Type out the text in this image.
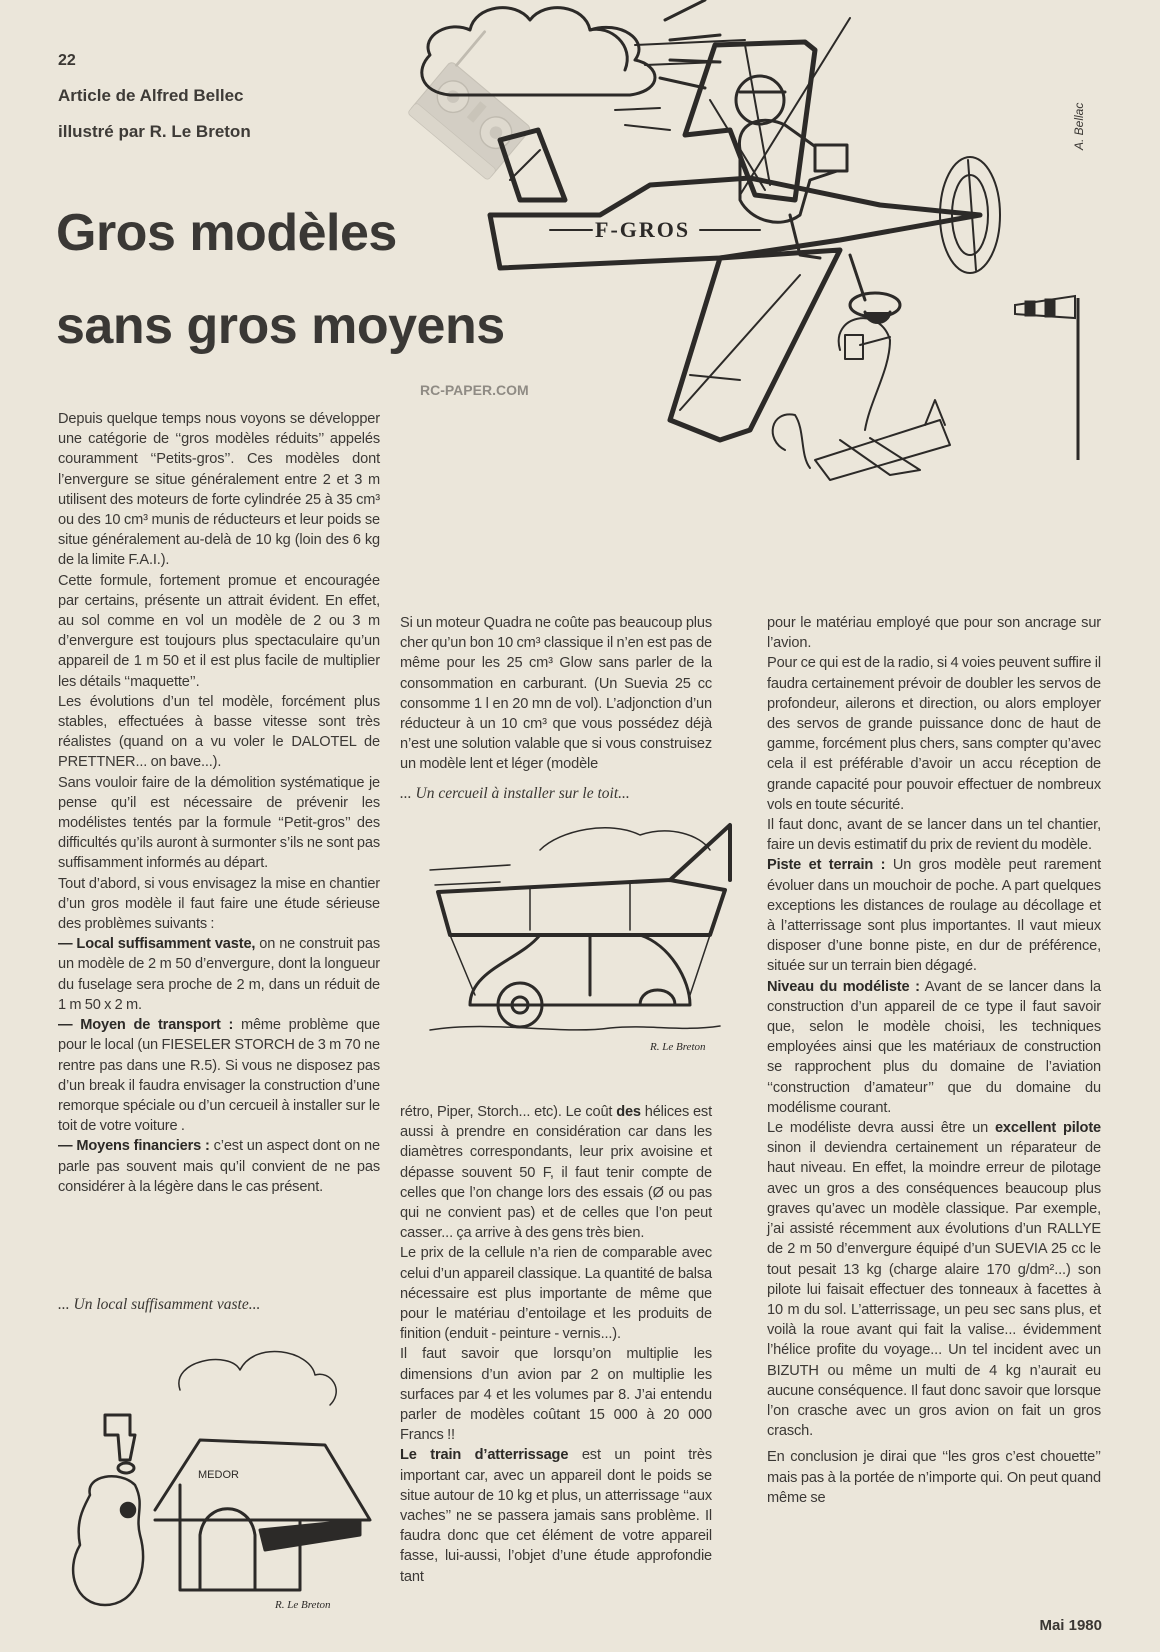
RC-PAPER.COM
22
Article de Alfred Bellec
illustré par R. Le Breton
Gros modèles
sans gros moyens
F-GROS
A. Bellac

Depuis quelque temps nous voyons se développer une catégorie de ‘‘gros modèles réduits’’ appelés couramment ‘‘Petits-gros’’. Ces modèles dont l’envergure se situe généralement entre 2 et 3 m utilisent des moteurs de forte cylindrée 25 à 35 cm³ ou des 10 cm³ munis de réducteurs et leur poids se situe généralement au-delà de 10 kg (loin des 6 kg de la limite F.A.I.).

Cette formule, fortement promue et encouragée par certains, présente un attrait évident. En effet, au sol comme en vol un modèle de 2 ou 3 m d’envergure est toujours plus spectaculaire qu’un appareil de 1 m 50 et il est plus facile de multiplier les détails ‘‘maquette’’.

Les évolutions d’un tel modèle, forcément plus stables, effectuées à basse vitesse sont très réalistes (quand on a vu voler le DALOTEL de PRETTNER... on bave...).

Sans vouloir faire de la démolition systématique je pense qu’il est nécessaire de prévenir les modélistes tentés par la formule ‘‘Petit-gros’’ des difficultés qu’ils auront à surmonter s’ils ne sont pas suffisamment informés au départ.

Tout d’abord, si vous envisagez la mise en chantier d’un gros modèle il faut faire une étude sérieuse des problèmes suivants :

— Local suffisamment vaste, on ne construit pas un modèle de 2 m 50 d’envergure, dont la longueur du fuselage sera proche de 2 m, dans un réduit de 1 m 50 x 2 m.

— Moyen de transport : même problème que pour le local (un FIESELER STORCH de 3 m 70 ne rentre pas dans une R.5). Si vous ne disposez pas d’un break il faudra envisager la construction d’une remorque spéciale ou d’un cercueil à installer sur le toit de votre voiture .

— Moyens financiers : c’est un aspect dont on ne parle pas souvent mais qu’il convient de ne pas considérer à la légère dans le cas présent.

... Un local suffisamment vaste...
MEDOR
R. Le Breton

Si un moteur Quadra ne coûte pas beaucoup plus cher qu’un bon 10 cm³ classique il n’en est pas de même pour les 25 cm³ Glow sans parler de la consommation en carburant. (Un Suevia 25 cc consomme 1 l en 20 mn de vol). L’adjonction d’un réducteur à un 10 cm³ que vous possédez déjà n’est une solution valable que si vous construisez un modèle lent et léger (modèle

... Un cercueil à installer sur le toit...
R. Le Breton

rétro, Piper, Storch... etc). Le coût des hélices est aussi à prendre en considération car dans les diamètres correspondants, leur prix avoisine et dépasse souvent 50 F, il faut tenir compte de celles que l’on change lors des essais (Ø ou pas qui ne convient pas) et de celles que l’on peut casser... ça arrive à des gens très bien.

Le prix de la cellule n’a rien de comparable avec celui d’un appareil classique. La quantité de balsa nécessaire est plus importante de même que pour le matériau d’entoilage et les produits de finition (enduit - peinture - vernis...).

Il faut savoir que lorsqu’on multiplie les dimensions d’un avion par 2 on multiplie les surfaces par 4 et les volumes par 8. J’ai entendu parler de modèles coûtant 15 000 à 20 000 Francs !!

Le train d’atterrissage est un point très important car, avec un appareil dont le poids se situe autour de 10 kg et plus, un atterrissage ‘‘aux vaches’’ ne se passera jamais sans problème. Il faudra donc que cet élément de votre appareil fasse, lui-aussi, l’objet d’une étude approfondie tant

pour le matériau employé que pour son ancrage sur l’avion.

Pour ce qui est de la radio, si 4 voies peuvent suffire il faudra certainement prévoir de doubler les servos de profondeur, ailerons et direction, ou alors employer des servos de grande puissance donc de haut de gamme, forcément plus chers, sans compter qu’avec cela il est préférable d’avoir un accu réception de grande capacité pour pouvoir effectuer de nombreux vols en toute sécurité.

Il faut donc, avant de se lancer dans un tel chantier, faire un devis estimatif du prix de revient du modèle.

Piste et terrain : Un gros modèle peut rarement évoluer dans un mouchoir de poche. A part quelques exceptions les distances de roulage au décollage et à l’atterrissage sont plus importantes. Il vaut mieux disposer d’une bonne piste, en dur de préférence, située sur un terrain bien dégagé.

Niveau du modéliste : Avant de se lancer dans la construction d’un appareil de ce type il faut savoir que, selon le modèle choisi, les techniques employées ainsi que les matériaux de construction se rapprochent plus du domaine de l’aviation ‘‘construction d’amateur’’ que du domaine du modélisme courant.

Le modéliste devra aussi être un excellent pilote sinon il deviendra certainement un réparateur de haut niveau. En effet, la moindre erreur de pilotage avec un gros a des conséquences beaucoup plus graves qu’avec un modèle classique. Par exemple, j’ai assisté récemment aux évolutions d’un RALLYE de 2 m 50 d’envergure équipé d’un SUEVIA 25 cc le tout pesait 13 kg (charge alaire 170 g/dm²...) son pilote lui faisait effectuer des tonneaux à facettes à 10 m du sol. L’atterrissage, un peu sec sans plus, et voilà la roue avant qui fait la valise... évidemment l’hélice profite du voyage... Un tel incident avec un BIZUTH ou même un multi de 4 kg n’aurait eu aucune conséquence. Il faut donc savoir que lorsque l’on crasche avec un gros avion on fait un gros crasch.

En conclusion je dirai que ‘‘les gros c’est chouette’’ mais pas à la portée de n’importe qui. On peut quand même se

Mai 1980
